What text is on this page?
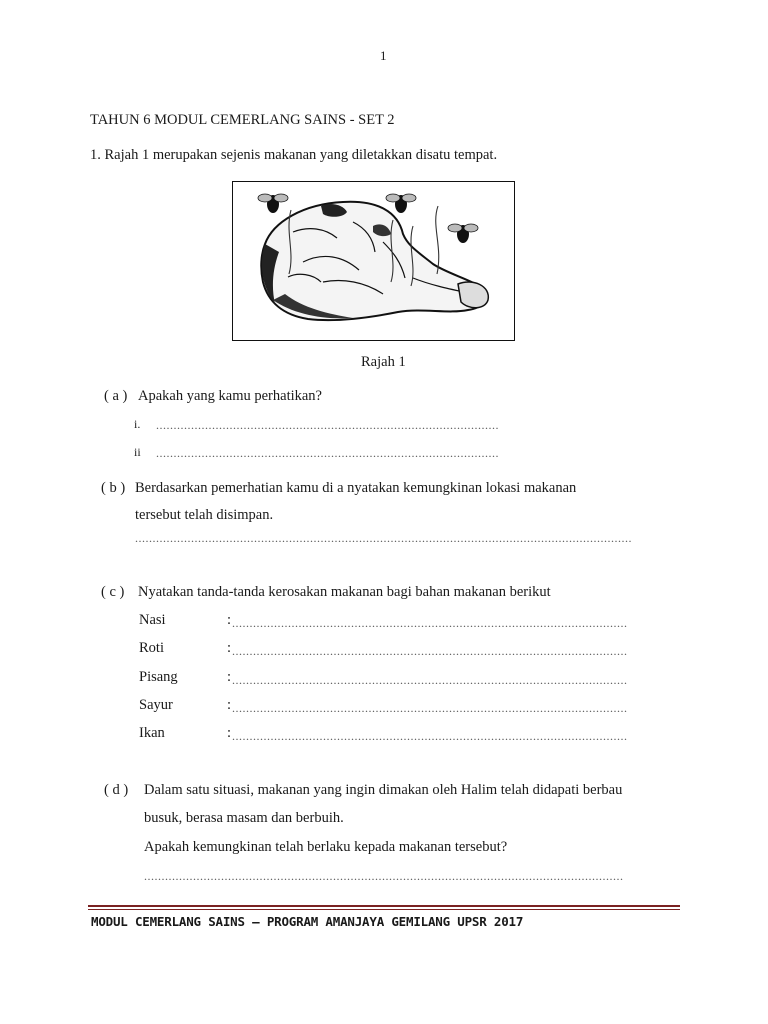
1
TAHUN 6 MODUL CEMERLANG SAINS - SET 2
1. Rajah 1 merupakan sejenis makanan yang diletakkan disatu tempat.
Rajah 1
( a ) Apakah yang kamu perhatikan?
i. ..................................................................................................
ii ..................................................................................................
( b ) Berdasarkan pemerhatian kamu di a nyatakan kemungkinan lokasi makanan
tersebut telah disimpan.
..............................................................................................................................................
( c ) Nyatakan tanda-tanda kerosakan makanan bagi bahan makanan berikut
Nasi	: .................................................................................................................
Roti	: .................................................................................................................
Pisang	: .................................................................................................................
Sayur	: .................................................................................................................
Ikan	: .................................................................................................................
( d ) Dalam satu situasi, makanan yang ingin dimakan oleh Halim telah didapati berbau
busuk, berasa masam dan berbuih.
Apakah kemungkinan telah berlaku kepada makanan tersebut?
.........................................................................................................................................
MODUL CEMERLANG SAINS – PROGRAM AMANJAYA GEMILANG UPSR 2017
